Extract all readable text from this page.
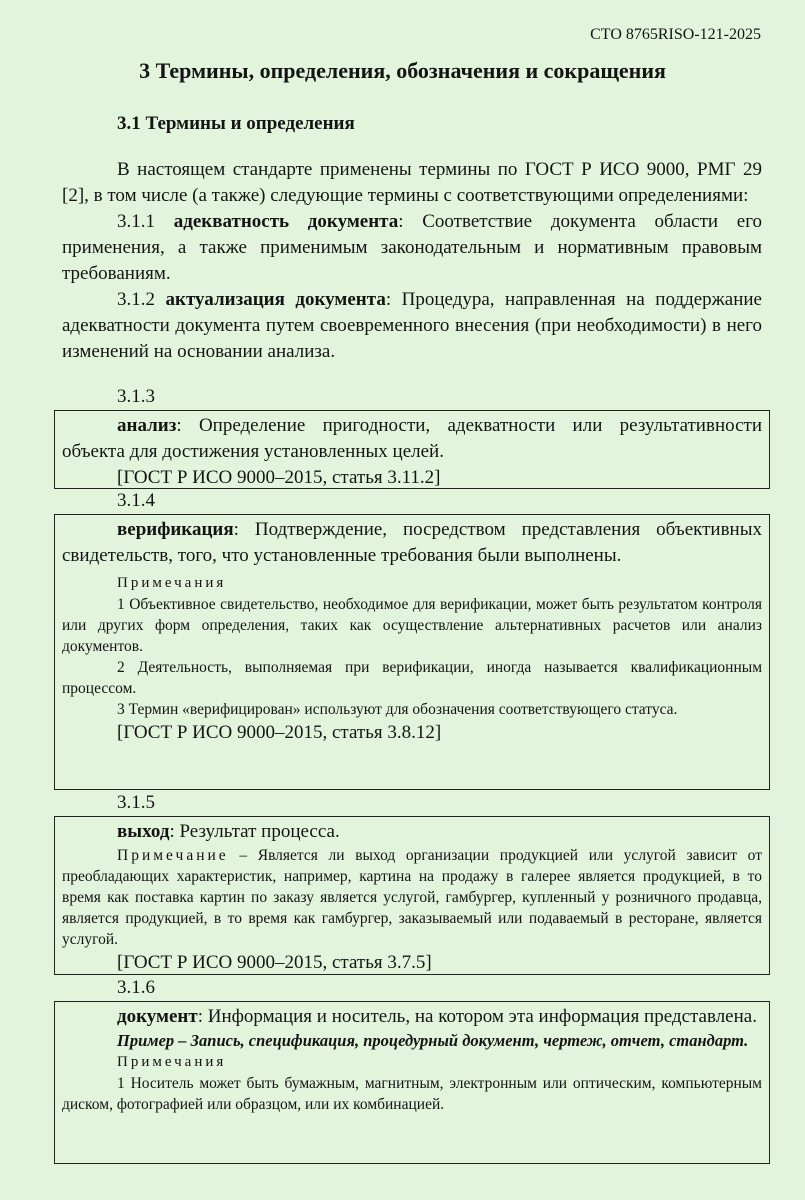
СТО 8765RISO-121-2025
3 Термины, определения, обозначения и сокращения
3.1 Термины и определения
В настоящем стандарте применены термины по ГОСТ Р ИСО 9000, РМГ 29 [2], в том числе (а также) следующие термины с соответствующими определениями:
3.1.1 адекватность документа: Соответствие документа области его применения, а также применимым законодательным и нормативным правовым требованиям.
3.1.2 актуализация документа: Процедура, направленная на поддержание адекватности документа путем своевременного внесения (при необходимости) в него изменений на основании анализа.
3.1.3
анализ: Определение пригодности, адекватности или результативности объекта для достижения установленных целей.
[ГОСТ Р ИСО 9000–2015, статья 3.11.2]
3.1.4
верификация: Подтверждение, посредством представления объективных свидетельств, того, что установленные требования были выполнены.
Примечания
1 Объективное свидетельство, необходимое для верификации, может быть результатом контроля или других форм определения, таких как осуществление альтернативных расчетов или анализ документов.
2 Деятельность, выполняемая при верификации, иногда называется квалификационным процессом.
3 Термин «верифицирован» используют для обозначения соответствующего статуса.
[ГОСТ Р ИСО 9000–2015, статья 3.8.12]
3.1.5
выход: Результат процесса.
Примечание – Является ли выход организации продукцией или услугой зависит от преобладающих характеристик, например, картина на продажу в галерее является продукцией, в то время как поставка картин по заказу является услугой, гамбургер, купленный у розничного продавца, является продукцией, в то время как гамбургер, заказываемый или подаваемый в ресторане, является услугой.
[ГОСТ Р ИСО 9000–2015, статья 3.7.5]
3.1.6
документ: Информация и носитель, на котором эта информация представлена.
Пример – Запись, спецификация, процедурный документ, чертеж, отчет, стандарт.
Примечания
1 Носитель может быть бумажным, магнитным, электронным или оптическим, компьютерным диском, фотографией или образцом, или их комбинацией.
